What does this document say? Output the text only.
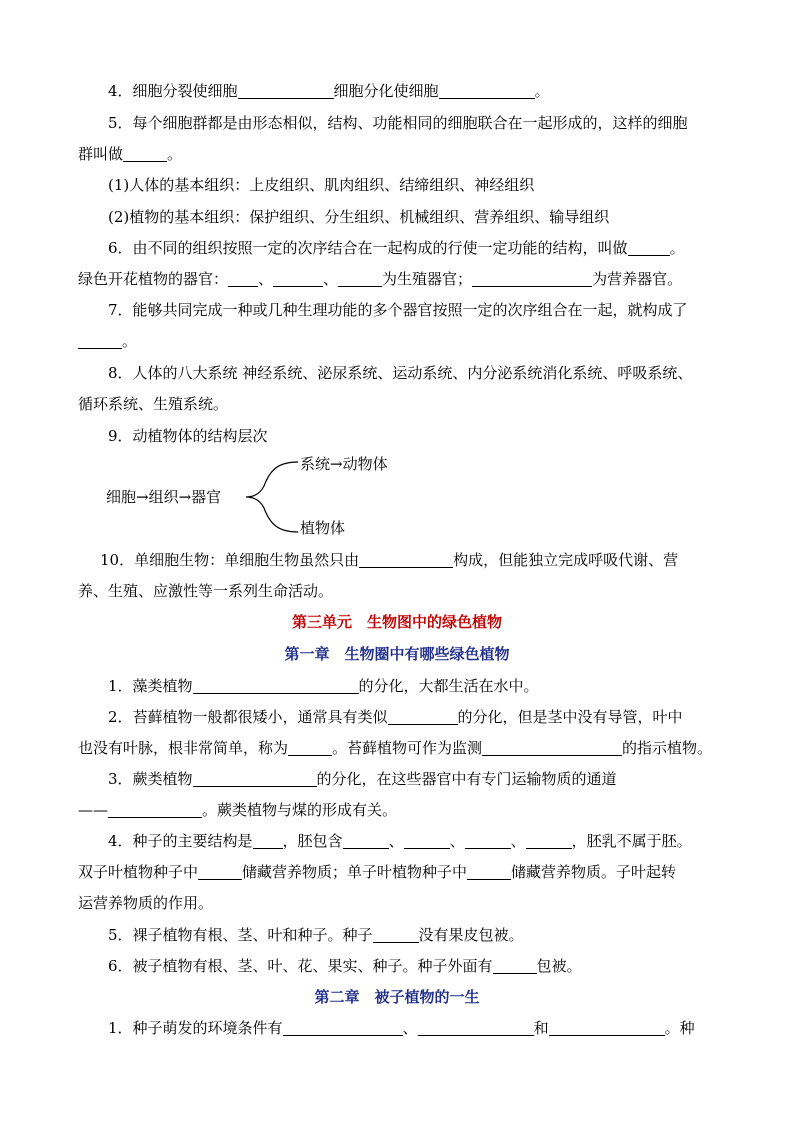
4．细胞分裂使细胞	细胞分化使细胞	。
5．每个细胞群都是由形态相似，结构、功能相同的细胞联合在一起形成的，这样的细胞
群叫做	。
(1)人体的基本组织：上皮组织、肌肉组织、结缔组织、神经组织
(2)植物的基本组织：保护组织、分生组织、机械组织、营养组织、输导组织
6．由不同的组织按照一定的次序结合在一起构成的行使一定功能的结构，叫做	。
绿色开花植物的器官： 、	、	为生殖器官；	为营养器官。
7．能够共同完成一种或几种生理功能的多个器官按照一定的次序组合在一起，就构成了
。
8．人体的八大系统 神经系统、泌尿系统、运动系统、内分泌系统消化系统、呼吸系统、
循环系统、生殖系统。
9．动植物体的结构层次
细胞→组织→器官
系统→动物体
植物体
10．单细胞生物：单细胞生物虽然只由	构成，但能独立完成呼吸代谢、营
养、生殖、应激性等一系列生命活动。
第三单元　生物图中的绿色植物
第一章　生物圈中有哪些绿色植物
1．藻类植物	的分化，大都生活在水中。
2．苔藓植物一般都很矮小，通常具有类似	的分化，但是茎中没有导管，叶中
也没有叶脉，根非常简单，称为	。苔藓植物可作为监测	的指示植物。
3．蕨类植物	的分化，在这些器官中有专门运输物质的通道
——	。蕨类植物与煤的形成有关。
4．种子的主要结构是 ，胚包含	、	、	、	，胚乳不属于胚。
双子叶植物种子中	储藏营养物质；单子叶植物种子中	储藏营养物质。子叶起转
运营养物质的作用。
5．裸子植物有根、茎、叶和种子。种子	没有果皮包被。
6．被子植物有根、茎、叶、花、果实、种子。种子外面有	包被。
第二章　被子植物的一生
1．种子萌发的环境条件有	、	和	。种
